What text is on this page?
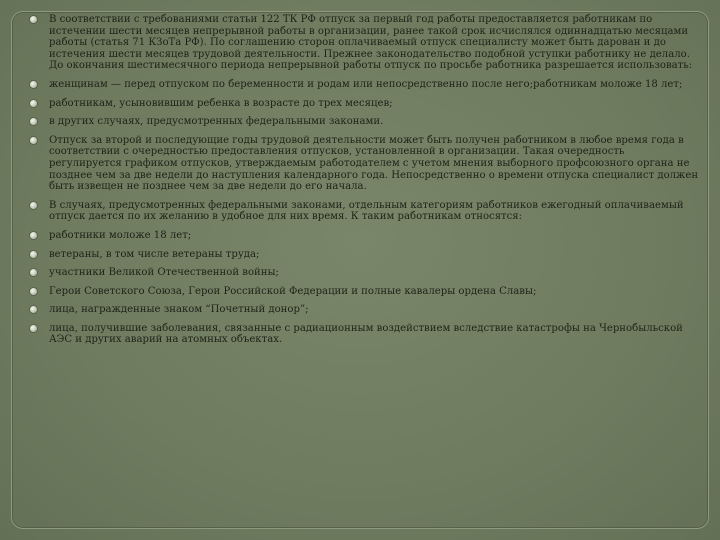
В соответствии с требованиями статьи 122 ТК РФ отпуск за первый год работы предоставляется работникам по истечении шести месяцев непрерывной работы в организации, ранее такой срок исчислялся одиннадцатью месяцами работы (статья 71 КЗоТа РФ). По соглашению сторон оплачиваемый отпуск специалисту может быть дарован и до истечения шести месяцев трудовой деятельности. Прежнее законодательство подобной уступки работнику не делало. До окончания шестимесячного периода непрерывной работы отпуск по просьбе работника разрешается использовать:
женщинам — перед отпуском по беременности и родам или непосредственно после него;работникам моложе 18 лет;
работникам, усыновившим ребенка в возрасте до трех месяцев;
в других случаях, предусмотренных федеральными законами.
Отпуск за второй и последующие годы трудовой деятельности может быть получен работником в любое время года в соответствии с очередностью предоставления отпусков, установленной в организации. Такая очередность регулируется графиком отпусков, утверждаемым работодателем с учетом мнения выборного профсоюзного органа не позднее чем за две недели до наступления календарного года. Непосредственно о времени отпуска специалист должен быть извещен не позднее чем за две недели до его начала.
В случаях, предусмотренных федеральными законами, отдельным категориям работников ежегодный оплачиваемый отпуск дается по их желанию в удобное для них время. К таким работникам относятся:
работники моложе 18 лет;
ветераны, в том числе ветераны труда;
участники Великой Отечественной войны;
Герои Советского Союза, Герои Российской Федерации и полные кавалеры ордена Славы;
лица, награжденные знаком “Почетный донор”;
лица, получившие заболевания, связанные с радиационным воздействием вследствие катастрофы на Чернобыльской АЭС и других аварий на атомных объектах.
